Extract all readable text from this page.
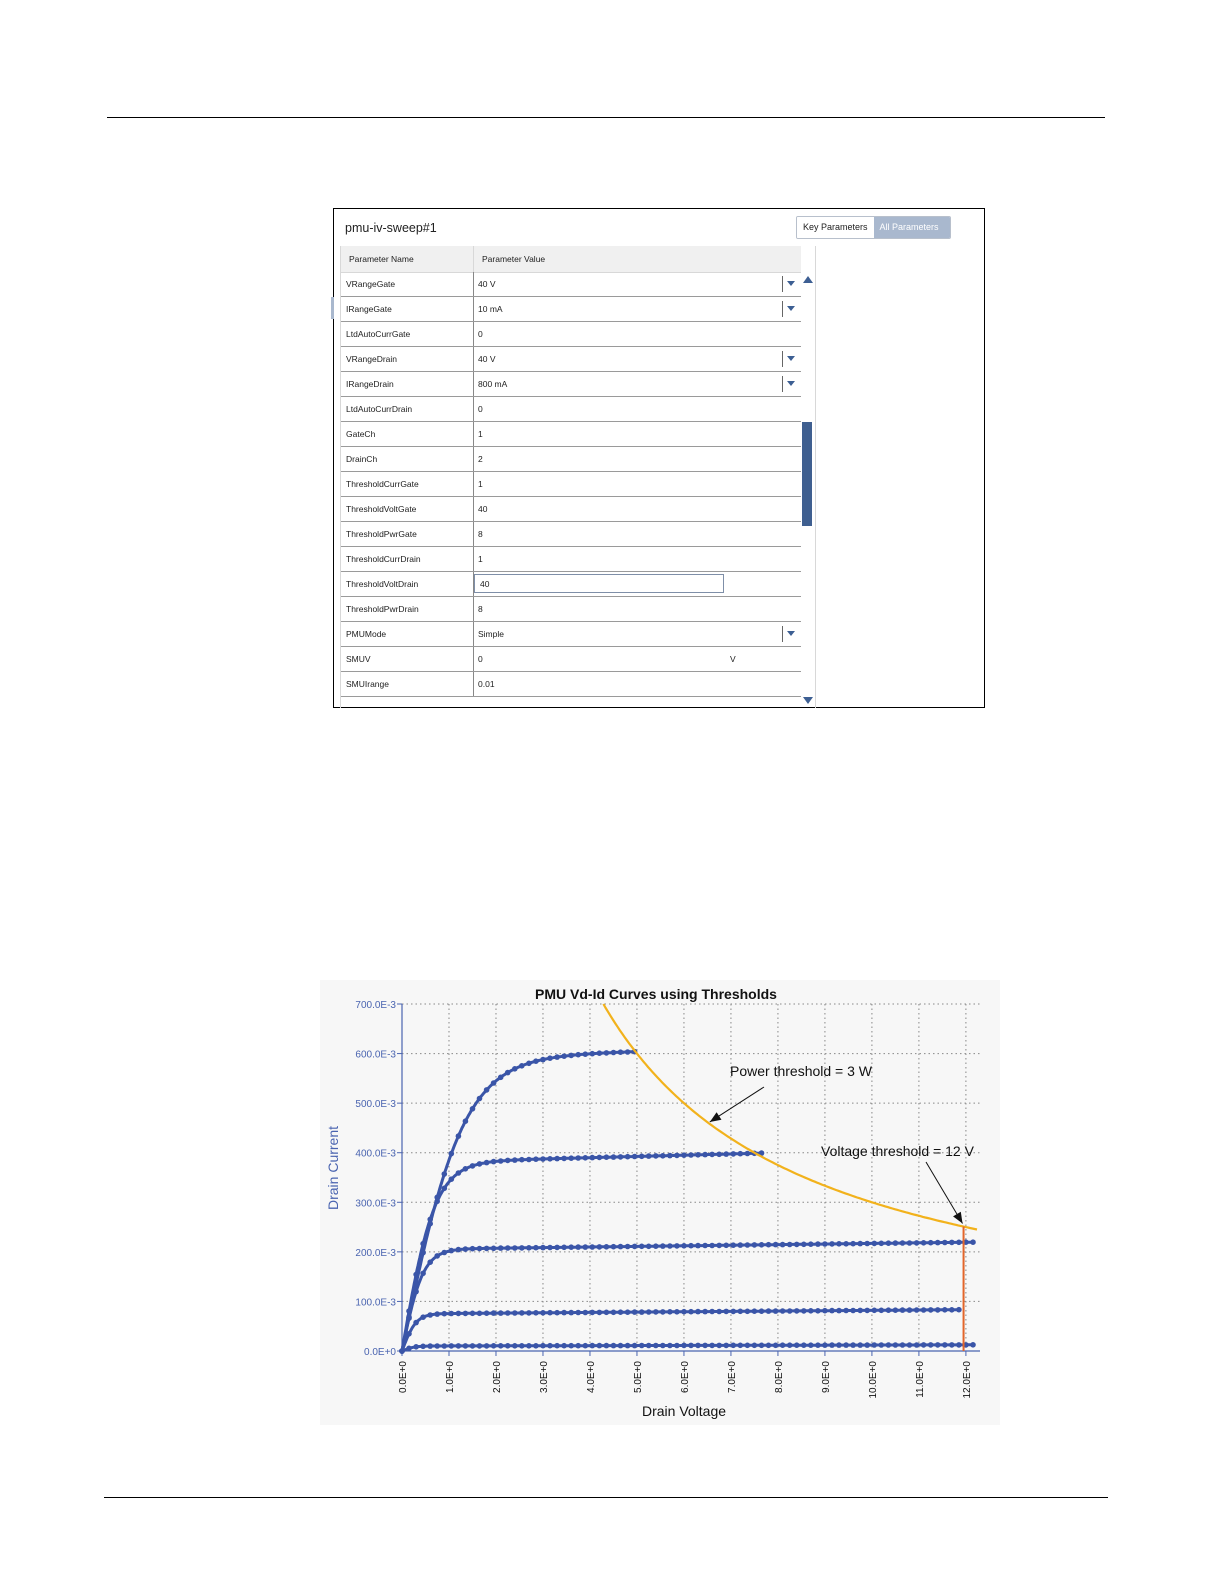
pmu-iv-sweep#1	Key Parameters	All Parameters
Parameter Name	Parameter Value
VRangeGate	40 V
IRangeGate	10 mA
LtdAutoCurrGate	0
VRangeDrain	40 V
IRangeDrain	800 mA
LtdAutoCurrDrain	0
GateCh	1
DrainCh	2
ThresholdCurrGate	1
ThresholdVoltGate	40
ThresholdPwrGate	8
ThresholdCurrDrain	1
ThresholdVoltDrain	40
ThresholdPwrDrain	8
PMUMode	Simple
SMUV	0	V
SMUIrange	0.01
PMU Vd-Id Curves using Thresholds
0.0E+0	1.0E+0	2.0E+0	3.0E+0	4.0E+0	5.0E+0	6.0E+0	7.0E+0	8.0E+0	9.0E+0	10.0E+0	11.0E+0	12.0E+0
0.0E+0
100.0E-3
200.0E-3
300.0E-3
400.0E-3
500.0E-3
600.0E-3
700.0E-3
Power threshold = 3 W
Voltage threshold = 12 V
Drain Voltage
Drain Current
